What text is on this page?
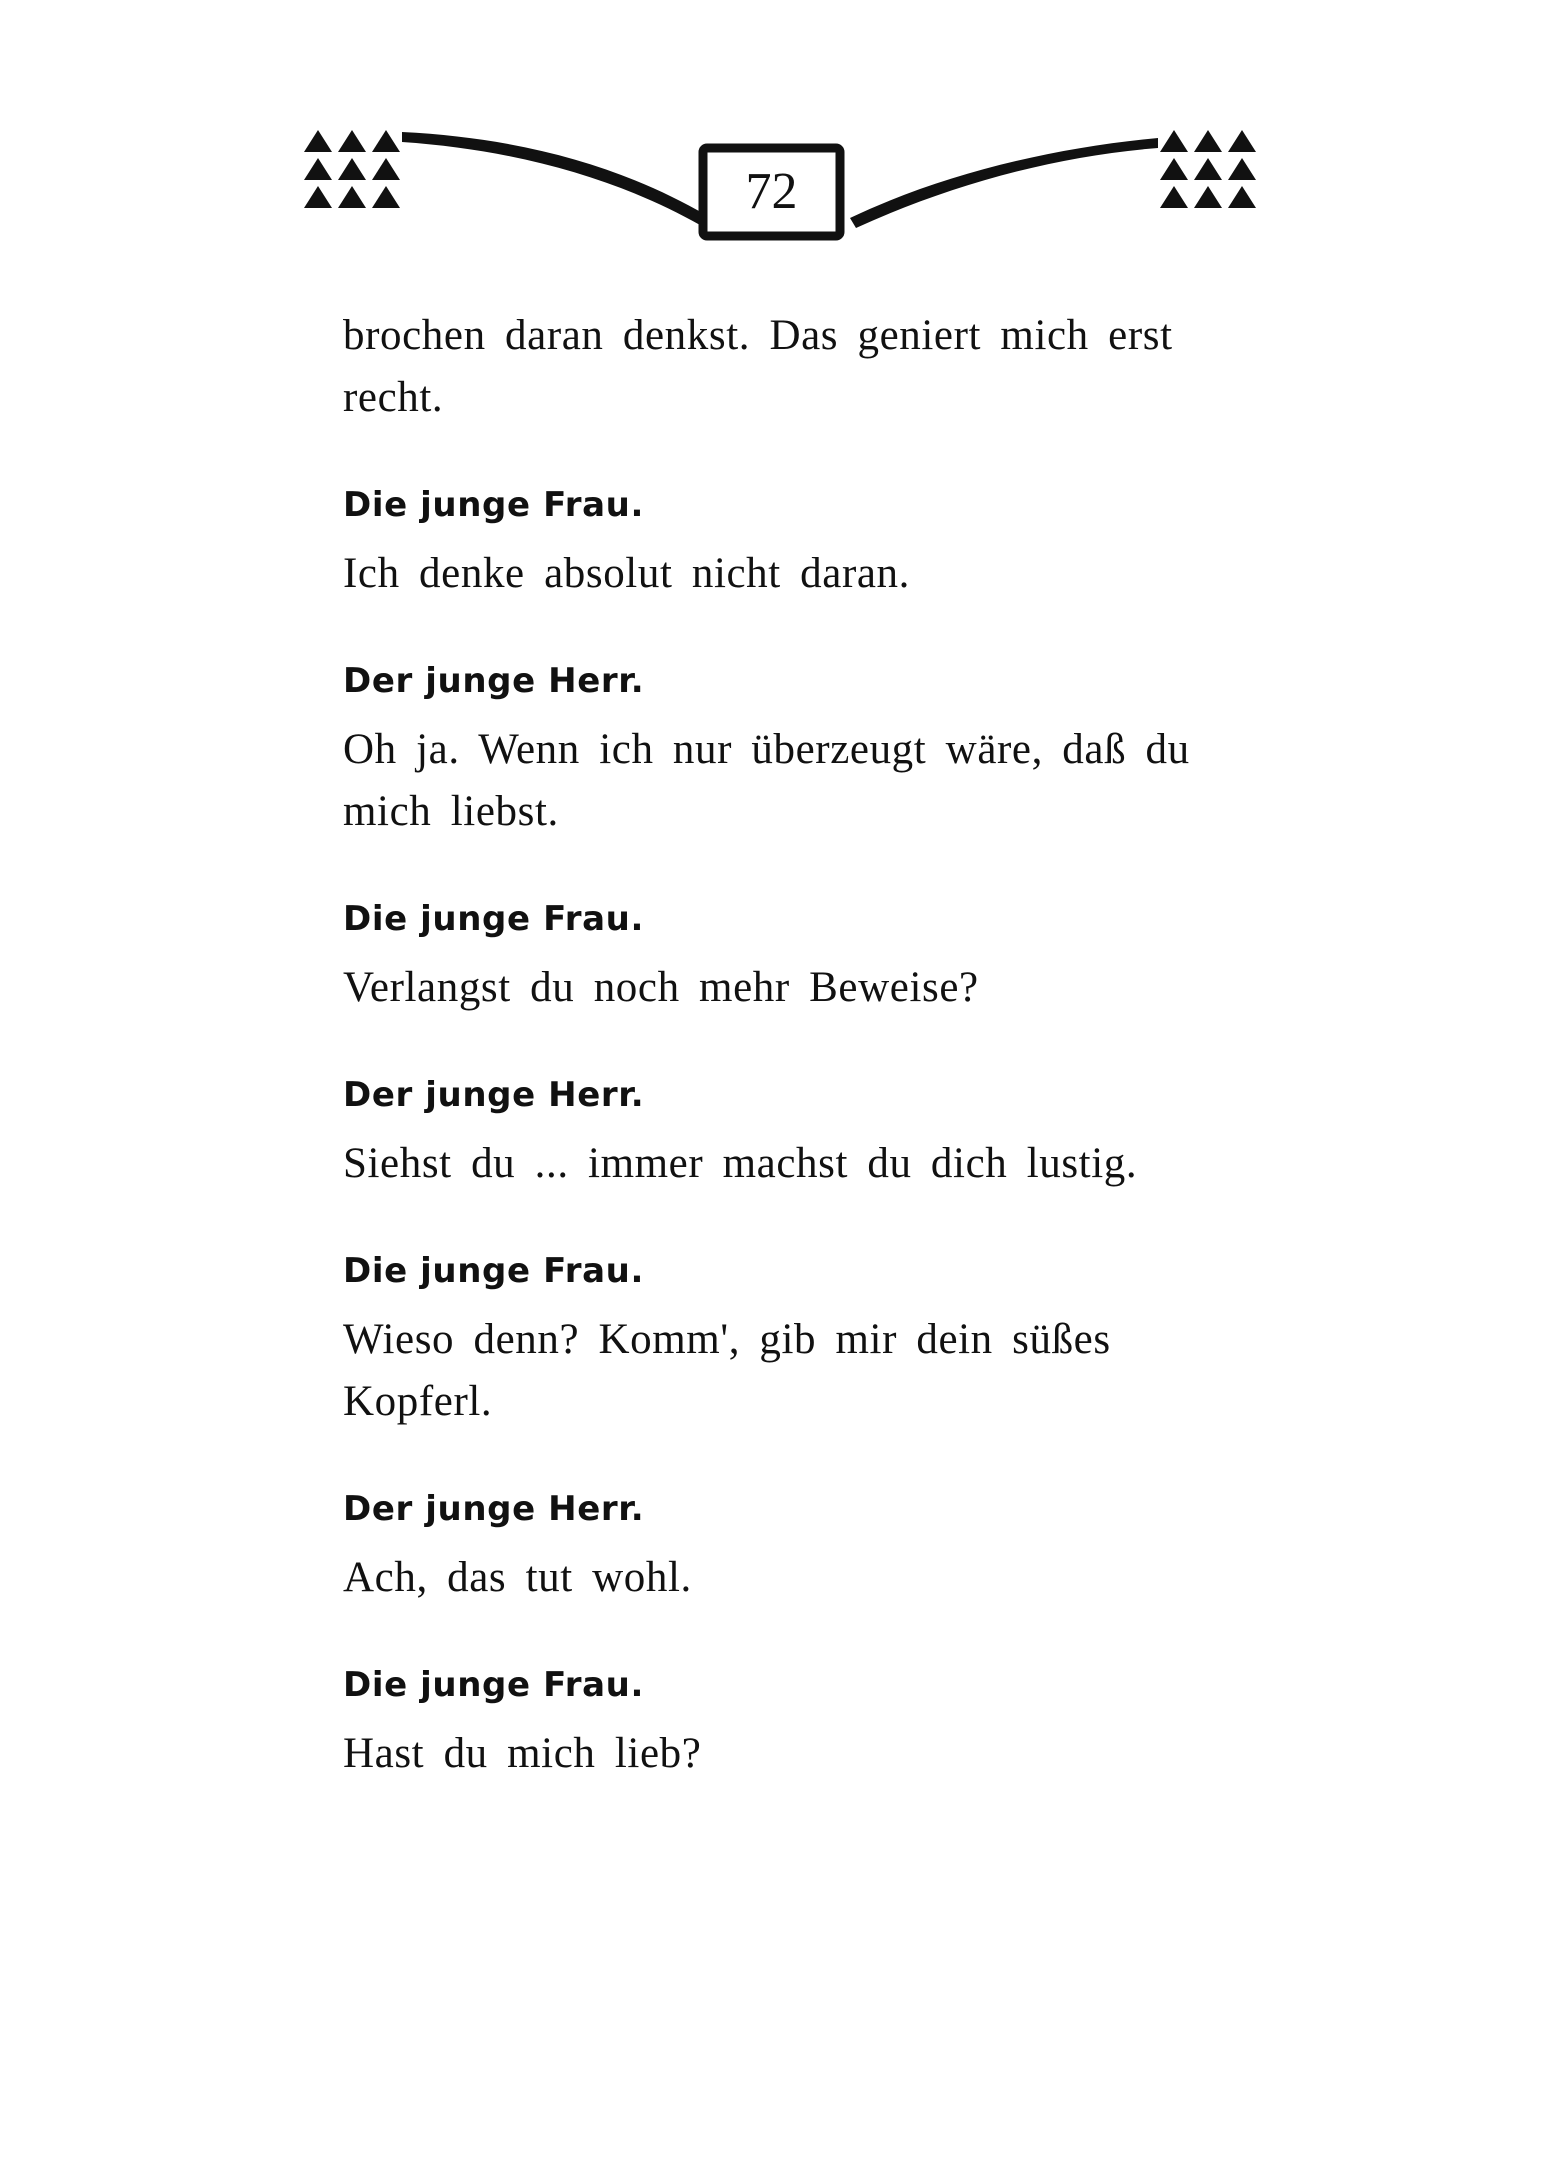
72

brochen daran denkst. Das geniert mich erst recht.

Die junge Frau.

Ich denke absolut nicht daran.

Der junge Herr.

Oh ja. Wenn ich nur überzeugt wäre, daß du mich liebst.

Die junge Frau.

Verlangst du noch mehr Beweise?

Der junge Herr.

Siehst du ... immer machst du dich lustig.

Die junge Frau.

Wieso denn? Komm', gib mir dein süßes Kopferl.

Der junge Herr.

Ach, das tut wohl.

Die junge Frau.

Hast du mich lieb?
